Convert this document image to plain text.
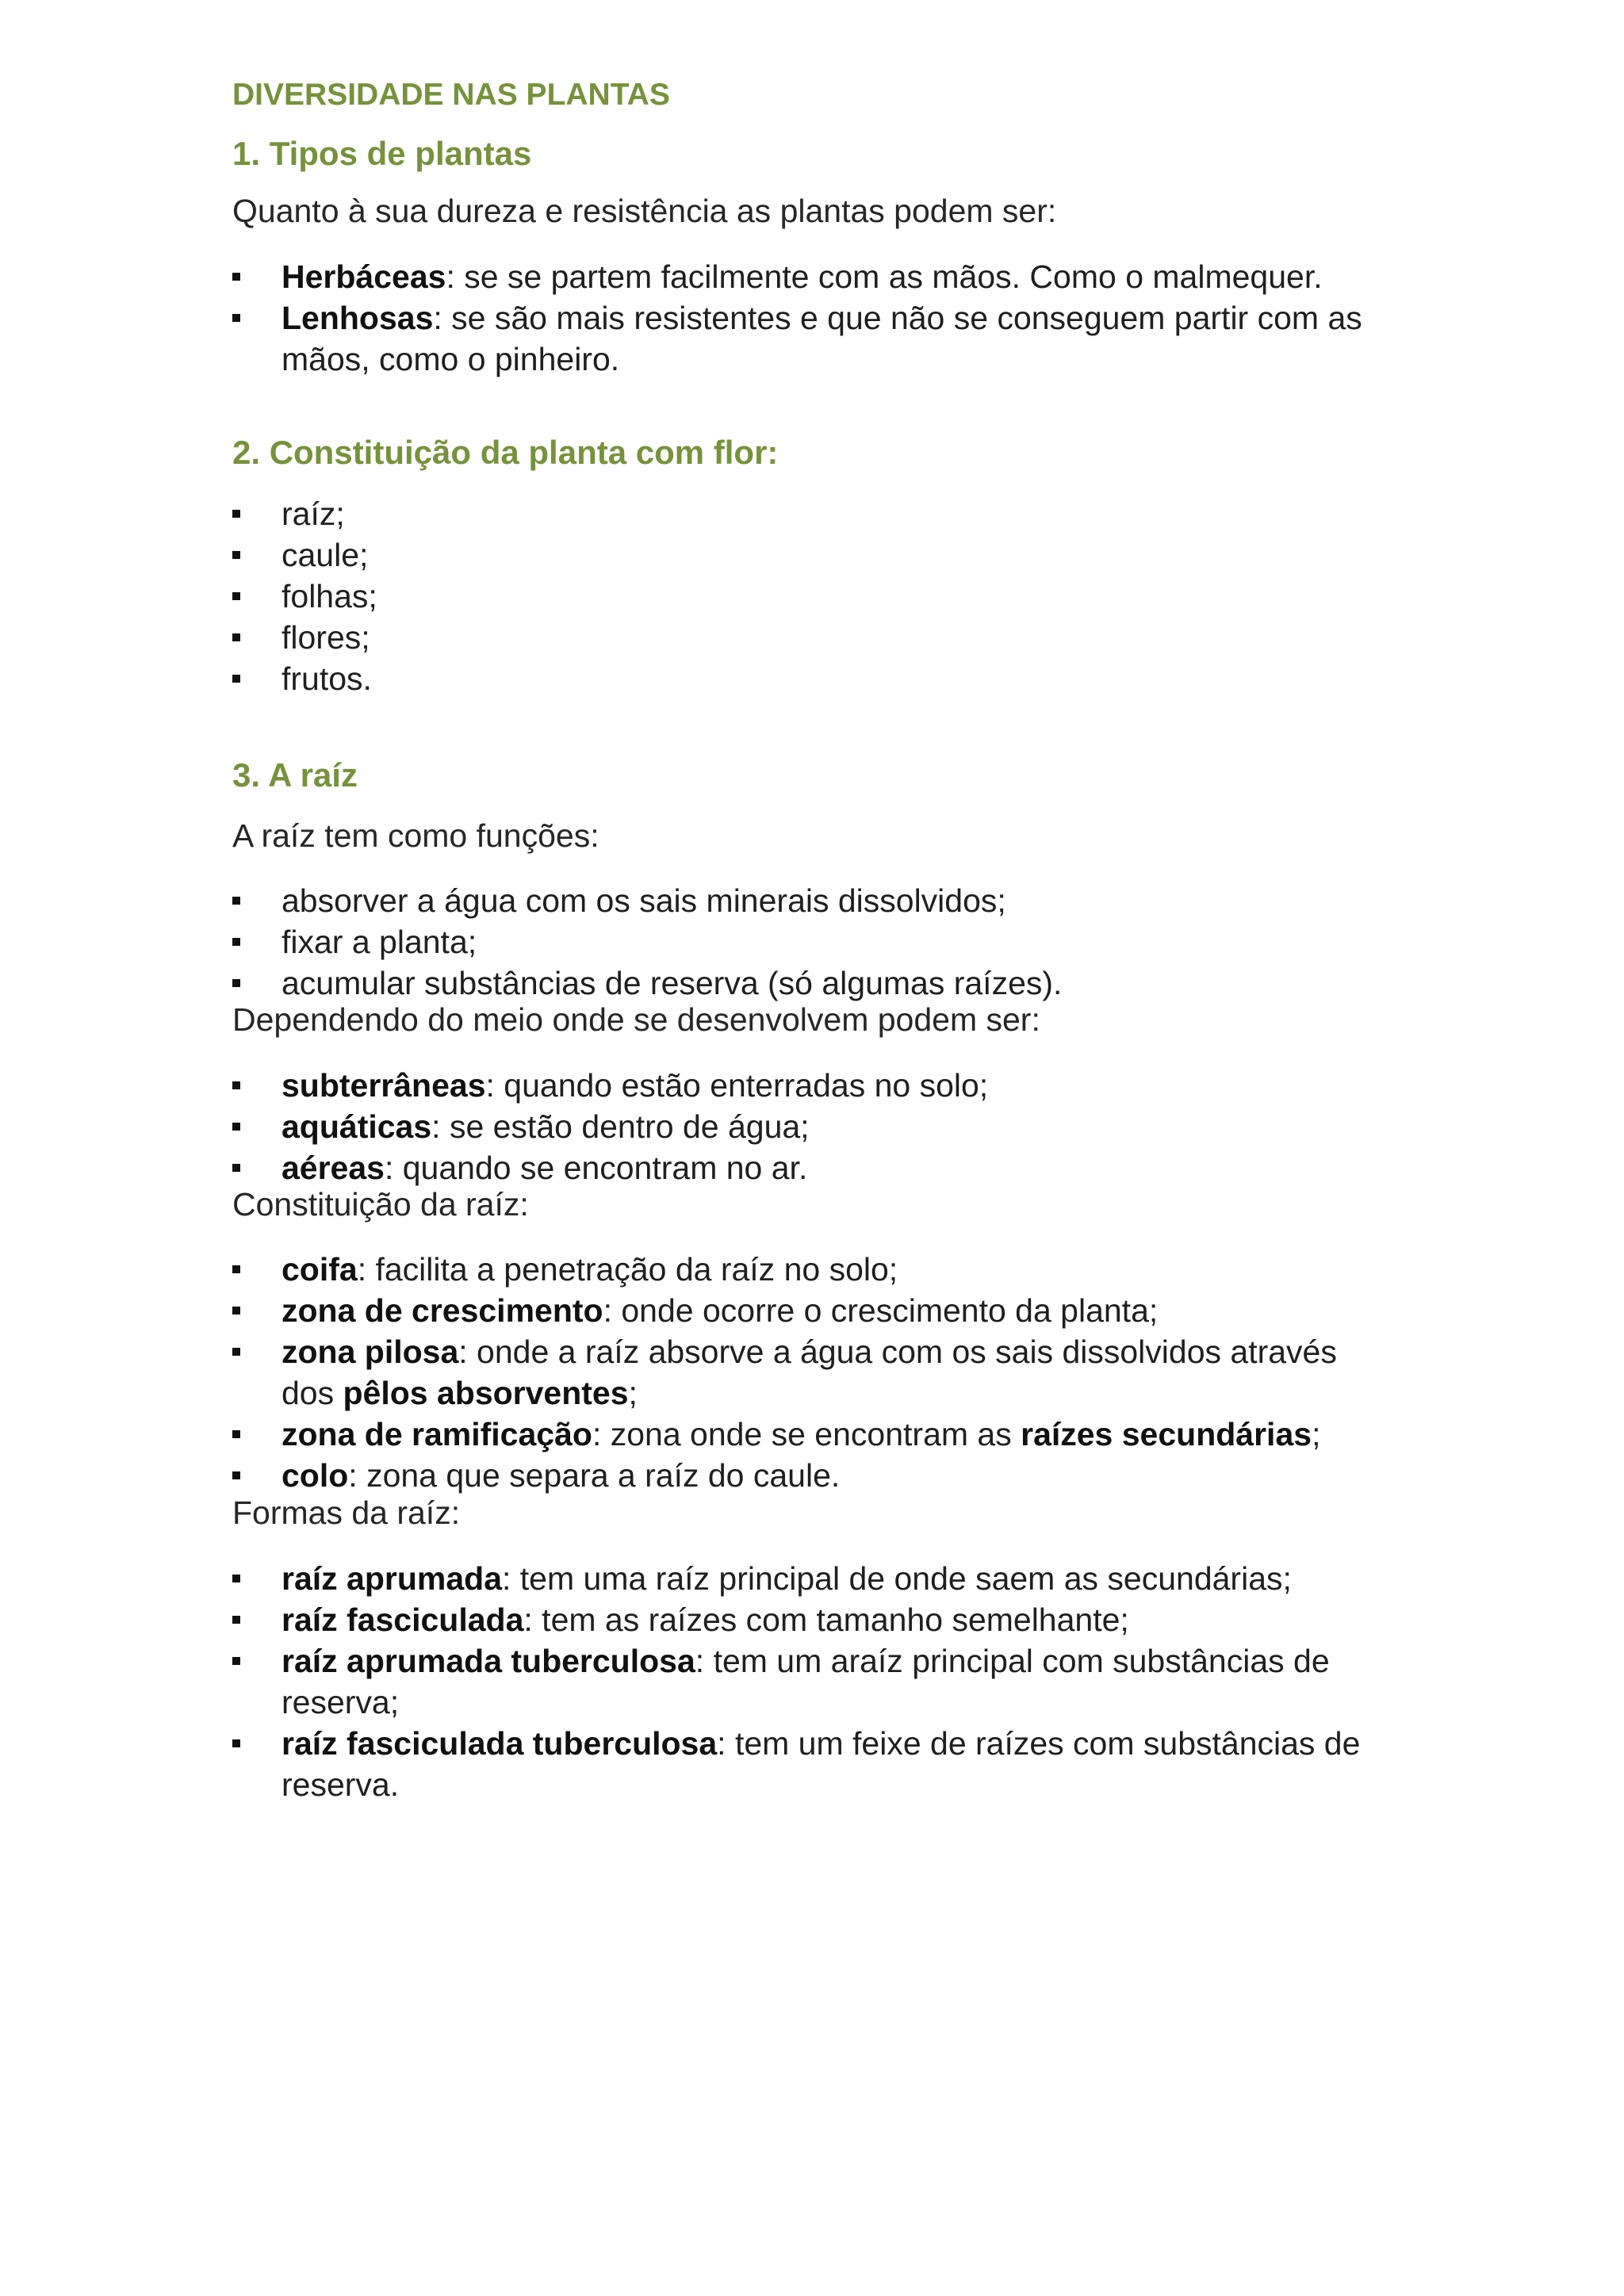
DIVERSIDADE NAS PLANTAS
1. Tipos de plantas
Quanto à sua dureza e resistência as plantas podem ser:
Herbáceas: se se partem facilmente com as mãos. Como o malmequer.
Lenhosas: se são mais resistentes e que não se conseguem partir com as mãos, como o pinheiro.
2. Constituição da planta com flor:
raíz;
caule;
folhas;
flores;
frutos.
3. A raíz
A raíz tem como funções:
absorver a água com os sais minerais dissolvidos;
fixar a planta;
acumular substâncias de reserva (só algumas raízes).
Dependendo do meio onde se desenvolvem podem ser:
subterrâneas: quando estão enterradas no solo;
aquáticas: se estão dentro de água;
aéreas: quando se encontram no ar.
Constituição da raíz:
coifa: facilita a penetração da raíz no solo;
zona de crescimento: onde ocorre o crescimento da planta;
zona pilosa: onde a raíz absorve a água com os sais dissolvidos através dos pêlos absorventes;
zona de ramificação: zona onde se encontram as raízes secundárias;
colo: zona que separa a raíz do caule.
Formas da raíz:
raíz aprumada: tem uma raíz principal de onde saem as secundárias;
raíz fasciculada: tem as raízes com tamanho semelhante;
raíz aprumada tuberculosa: tem um araíz principal com substâncias de reserva;
raíz fasciculada tuberculosa: tem um feixe de raízes com substâncias de reserva.
